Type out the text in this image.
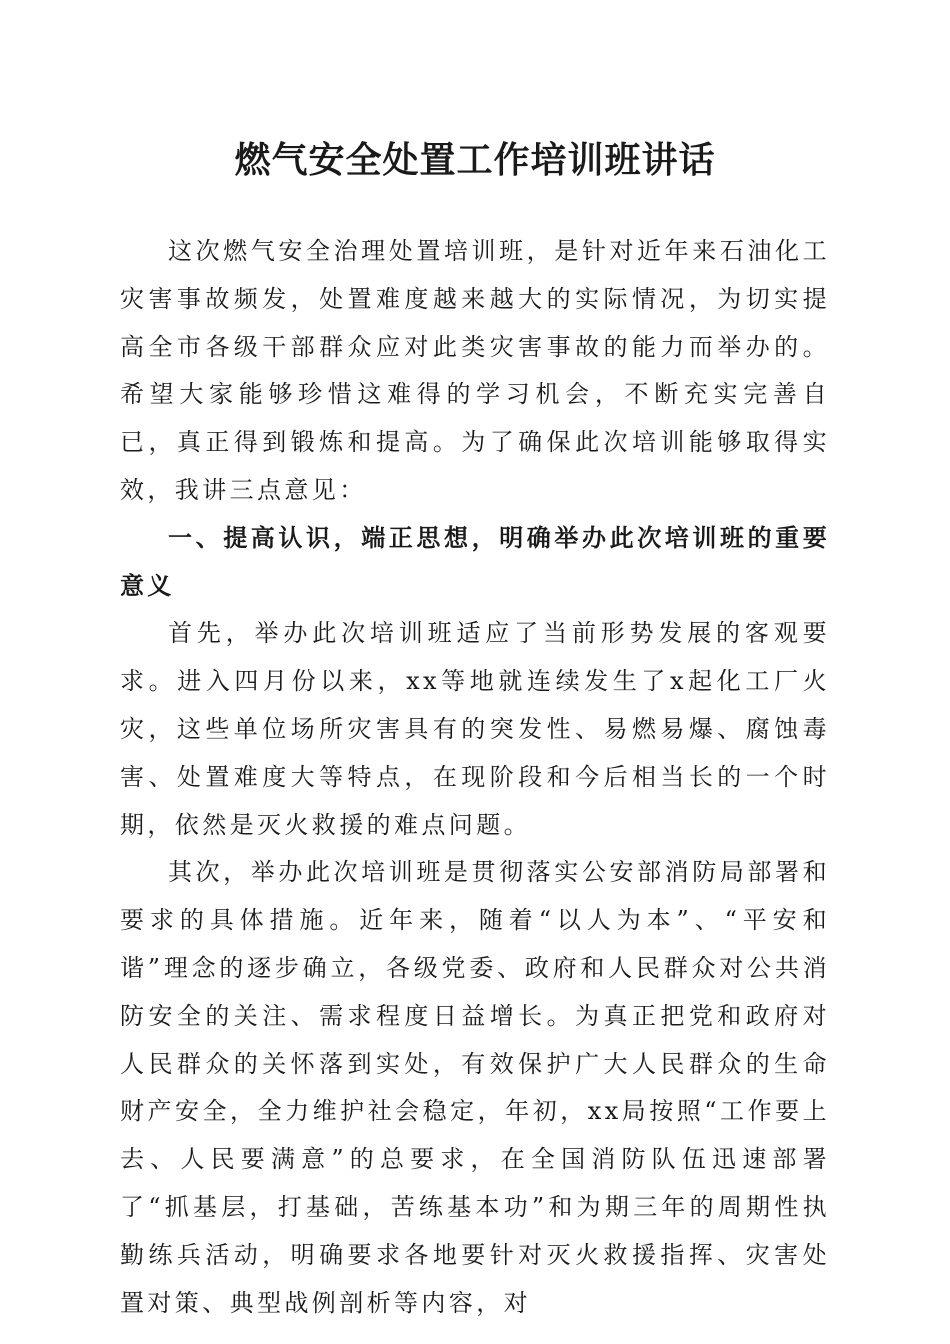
燃气安全处置工作培训班讲话

这次燃气安全治理处置培训班，是针对近年来石油化工灾害事故频发，处置难度越来越大的实际情况，为切实提高全市各级干部群众应对此类灾害事故的能力而举办的。希望大家能够珍惜这难得的学习机会，不断充实完善自已，真正得到锻炼和提高。为了确保此次培训能够取得实效，我讲三点意见：

一、提高认识，端正思想，明确举办此次培训班的重要意义

首先，举办此次培训班适应了当前形势发展的客观要求。进入四月份以来，xx等地就连续发生了x起化工厂火灾，这些单位场所灾害具有的突发性、易燃易爆、腐蚀毒害、处置难度大等特点，在现阶段和今后相当长的一个时期，依然是灭火救援的难点问题。

其次，举办此次培训班是贯彻落实公安部消防局部署和要求的具体措施。近年来，随着“以人为本”、“平安和谐”理念的逐步确立，各级党委、政府和人民群众对公共消防安全的关注、需求程度日益增长。为真正把党和政府对人民群众的关怀落到实处，有效保护广大人民群众的生命财产安全，全力维护社会稳定，年初，xx局按照“工作要上去、人民要满意”的总要求，在全国消防队伍迅速部署了“抓基层，打基础，苦练基本功”和为期三年的周期性执勤练兵活动，明确要求各地要针对灭火救援指挥、灾害处置对策、典型战例剖析等内容，对
